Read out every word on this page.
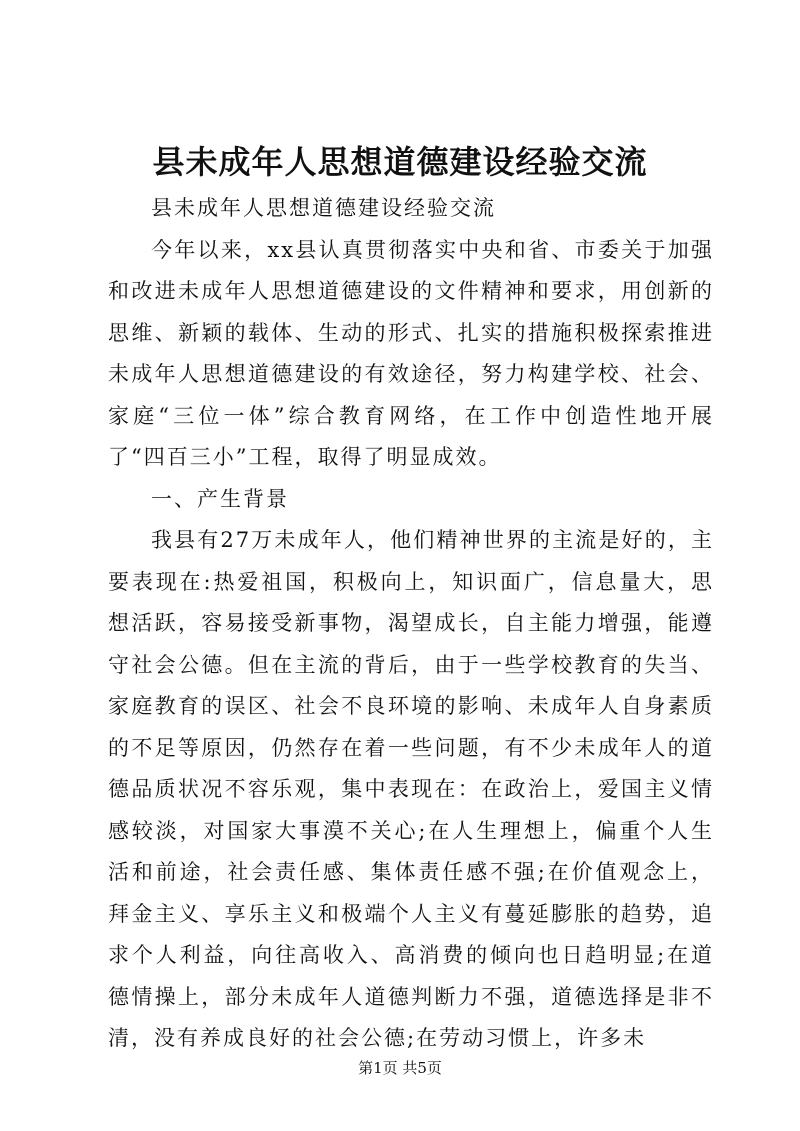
县未成年人思想道德建设经验交流

县未成年人思想道德建设经验交流

今年以来，xx县认真贯彻落实中央和省、市委关于加强和改进未成年人思想道德建设的文件精神和要求，用创新的思维、新颖的载体、生动的形式、扎实的措施积极探索推进未成年人思想道德建设的有效途径，努力构建学校、社会、家庭“三位一体”综合教育网络，在工作中创造性地开展了“四百三小”工程，取得了明显成效。

一、产生背景

我县有27万未成年人，他们精神世界的主流是好的，主要表现在:热爱祖国，积极向上，知识面广，信息量大，思想活跃，容易接受新事物，渴望成长，自主能力增强，能遵守社会公德。但在主流的背后，由于一些学校教育的失当、家庭教育的误区、社会不良环境的影响、未成年人自身素质的不足等原因，仍然存在着一些问题，有不少未成年人的道德品质状况不容乐观，集中表现在：在政治上，爱国主义情感较淡，对国家大事漠不关心;在人生理想上，偏重个人生活和前途，社会责任感、集体责任感不强;在价值观念上，拜金主义、享乐主义和极端个人主义有蔓延膨胀的趋势，追求个人利益，向往高收入、高消费的倾向也日趋明显;在道德情操上，部分未成年人道德判断力不强，道德选择是非不清，没有养成良好的社会公德;在劳动习惯上，许多未

第1页 共5页
